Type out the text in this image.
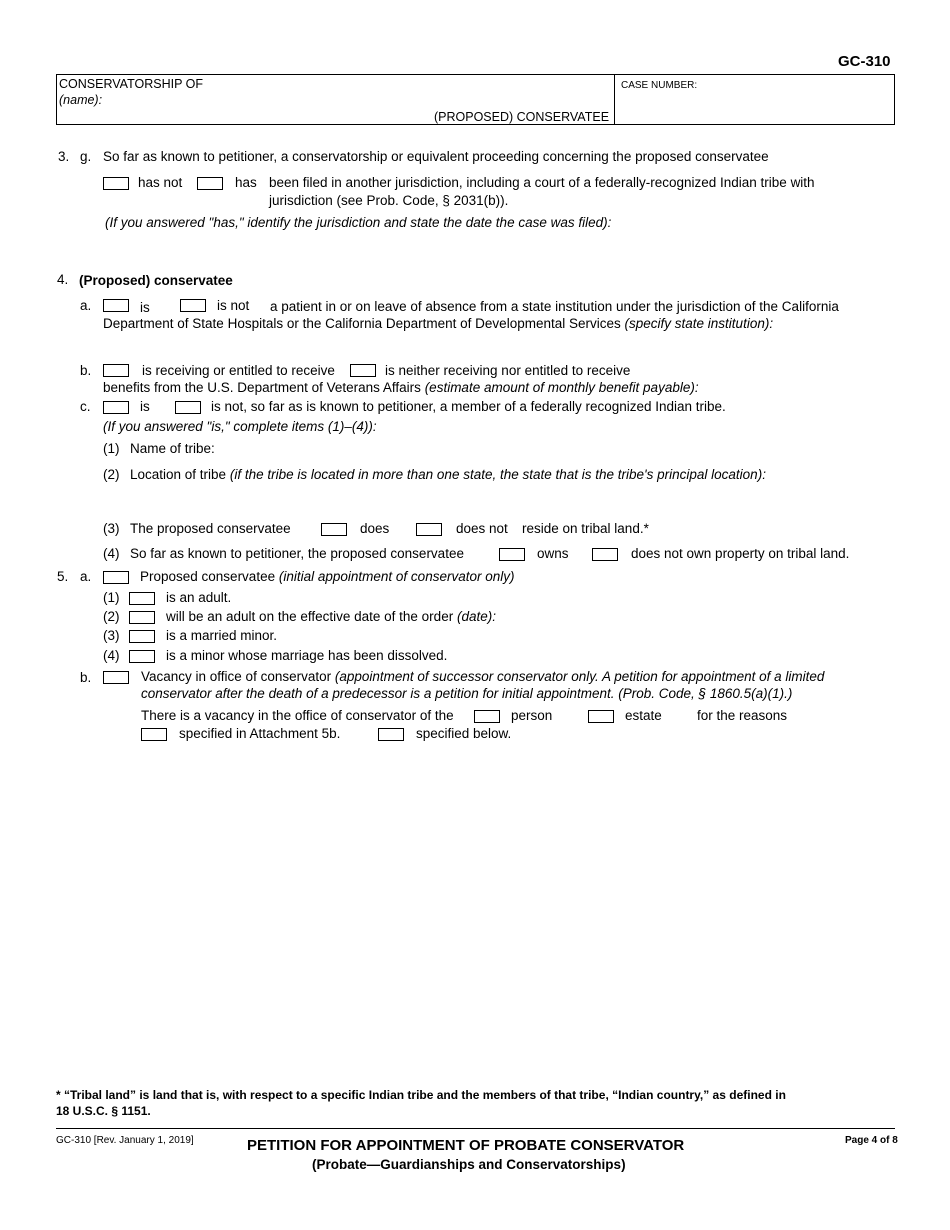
GC-310
CONSERVATORSHIP OF
(name):
(PROPOSED) CONSERVATEE
CASE NUMBER:
3. g. So far as known to petitioner, a conservatorship or equivalent proceeding concerning the proposed conservatee
has not	has been filed in another jurisdiction, including a court of a federally-recognized Indian tribe with
jurisdiction (see Prob. Code, § 2031(b)).
(If you answered "has," identify the jurisdiction and state the date the case was filed):
4. (Proposed) conservatee
a.	is	is not a patient in or on leave of absence from a state institution under the jurisdiction of the California
Department of State Hospitals or the California Department of Developmental Services (specify state institution):
b.	is receiving or entitled to receive	is neither receiving nor entitled to receive
benefits from the U.S. Department of Veterans Affairs (estimate amount of monthly benefit payable):
c.	is	is not, so far as is known to petitioner, a member of a federally recognized Indian tribe.
(If you answered "is," complete items (1)–(4)):
(1) Name of tribe:
(2) Location of tribe (if the tribe is located in more than one state, the state that is the tribe's principal location):
(3) The proposed conservatee	does	does not reside on tribal land.*
(4) So far as known to petitioner, the proposed conservatee	owns	does not own property on tribal land.
5. a.	Proposed conservatee (initial appointment of conservator only)
(1)	is an adult.
(2)	will be an adult on the effective date of the order (date):
(3)	is a married minor.
(4)	is a minor whose marriage has been dissolved.
b.	Vacancy in office of conservator (appointment of successor conservator only. A petition for appointment of a limited
conservator after the death of a predecessor is a petition for initial appointment. (Prob. Code, § 1860.5(a)(1).)
There is a vacancy in the office of conservator of the	person	estate	for the reasons
specified in Attachment 5b.	specified below.
* “Tribal land” is land that is, with respect to a specific Indian tribe and the members of that tribe, “Indian country,” as defined in
18 U.S.C. § 1151.
GC-310 [Rev. January 1, 2019]	PETITION FOR APPOINTMENT OF PROBATE CONSERVATOR
(Probate—Guardianships and Conservatorships)
Page 4 of 8
